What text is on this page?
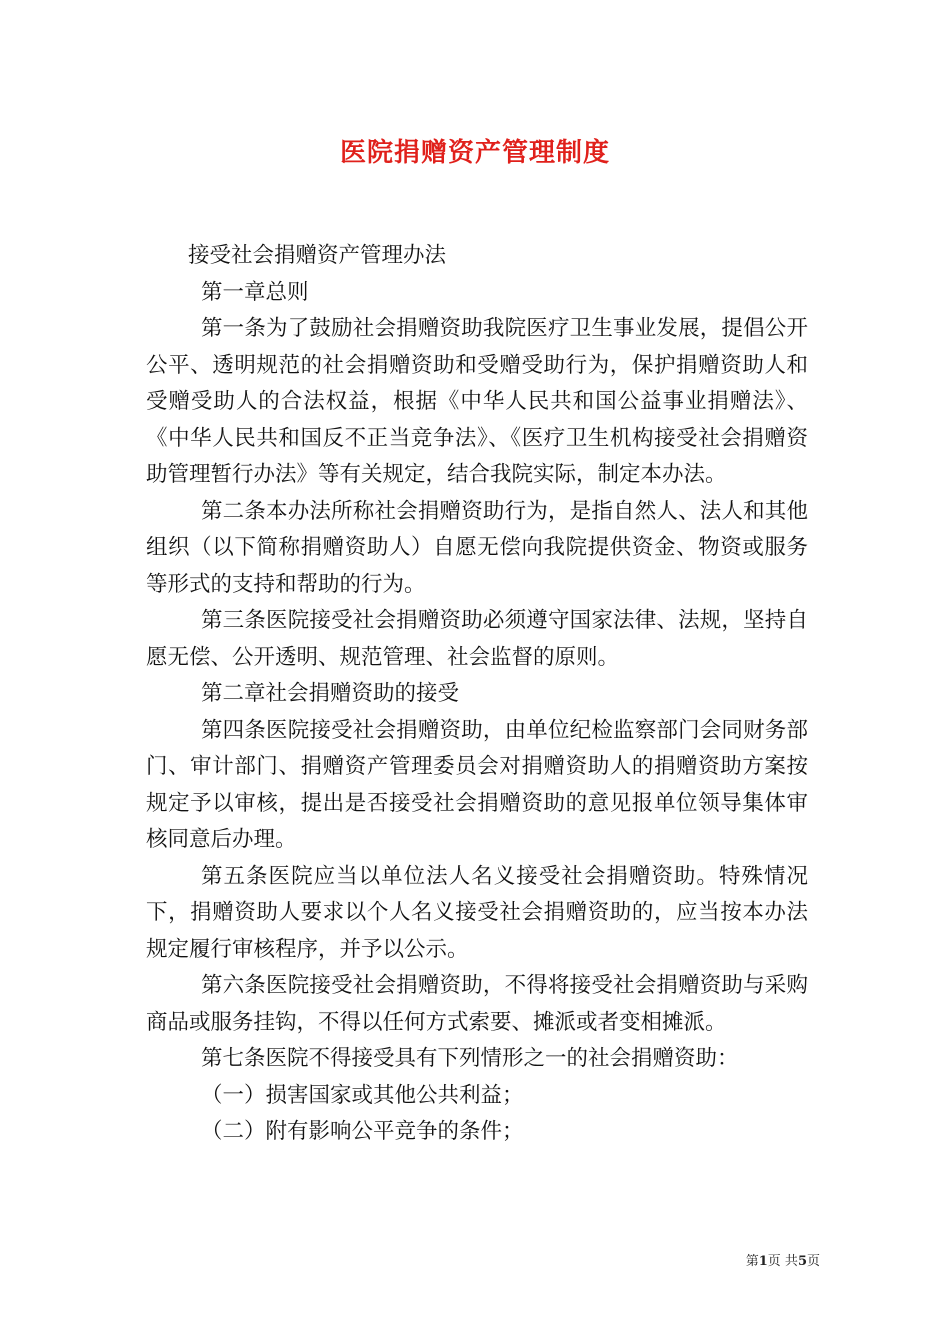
医院捐赠资产管理制度

接受社会捐赠资产管理办法

第一章总则

第一条为了鼓励社会捐赠资助我院医疗卫生事业发展，提倡公开公平、透明规范的社会捐赠资助和受赠受助行为，保护捐赠资助人和受赠受助人的合法权益，根据《中华人民共和国公益事业捐赠法》、《中华人民共和国反不正当竞争法》、《医疗卫生机构接受社会捐赠资助管理暂行办法》等有关规定，结合我院实际，制定本办法。

第二条本办法所称社会捐赠资助行为，是指自然人、法人和其他组织（以下简称捐赠资助人）自愿无偿向我院提供资金、物资或服务等形式的支持和帮助的行为。

第三条医院接受社会捐赠资助必须遵守国家法律、法规，坚持自愿无偿、公开透明、规范管理、社会监督的原则。

第二章社会捐赠资助的接受

第四条医院接受社会捐赠资助，由单位纪检监察部门会同财务部门、审计部门、捐赠资产管理委员会对捐赠资助人的捐赠资助方案按规定予以审核，提出是否接受社会捐赠资助的意见报单位领导集体审核同意后办理。

第五条医院应当以单位法人名义接受社会捐赠资助。特殊情况下，捐赠资助人要求以个人名义接受社会捐赠资助的，应当按本办法规定履行审核程序，并予以公示。

第六条医院接受社会捐赠资助，不得将接受社会捐赠资助与采购商品或服务挂钩，不得以任何方式索要、摊派或者变相摊派。

第七条医院不得接受具有下列情形之一的社会捐赠资助：

（一）损害国家或其他公共利益；

（二）附有影响公平竞争的条件；

第1页 共5页
